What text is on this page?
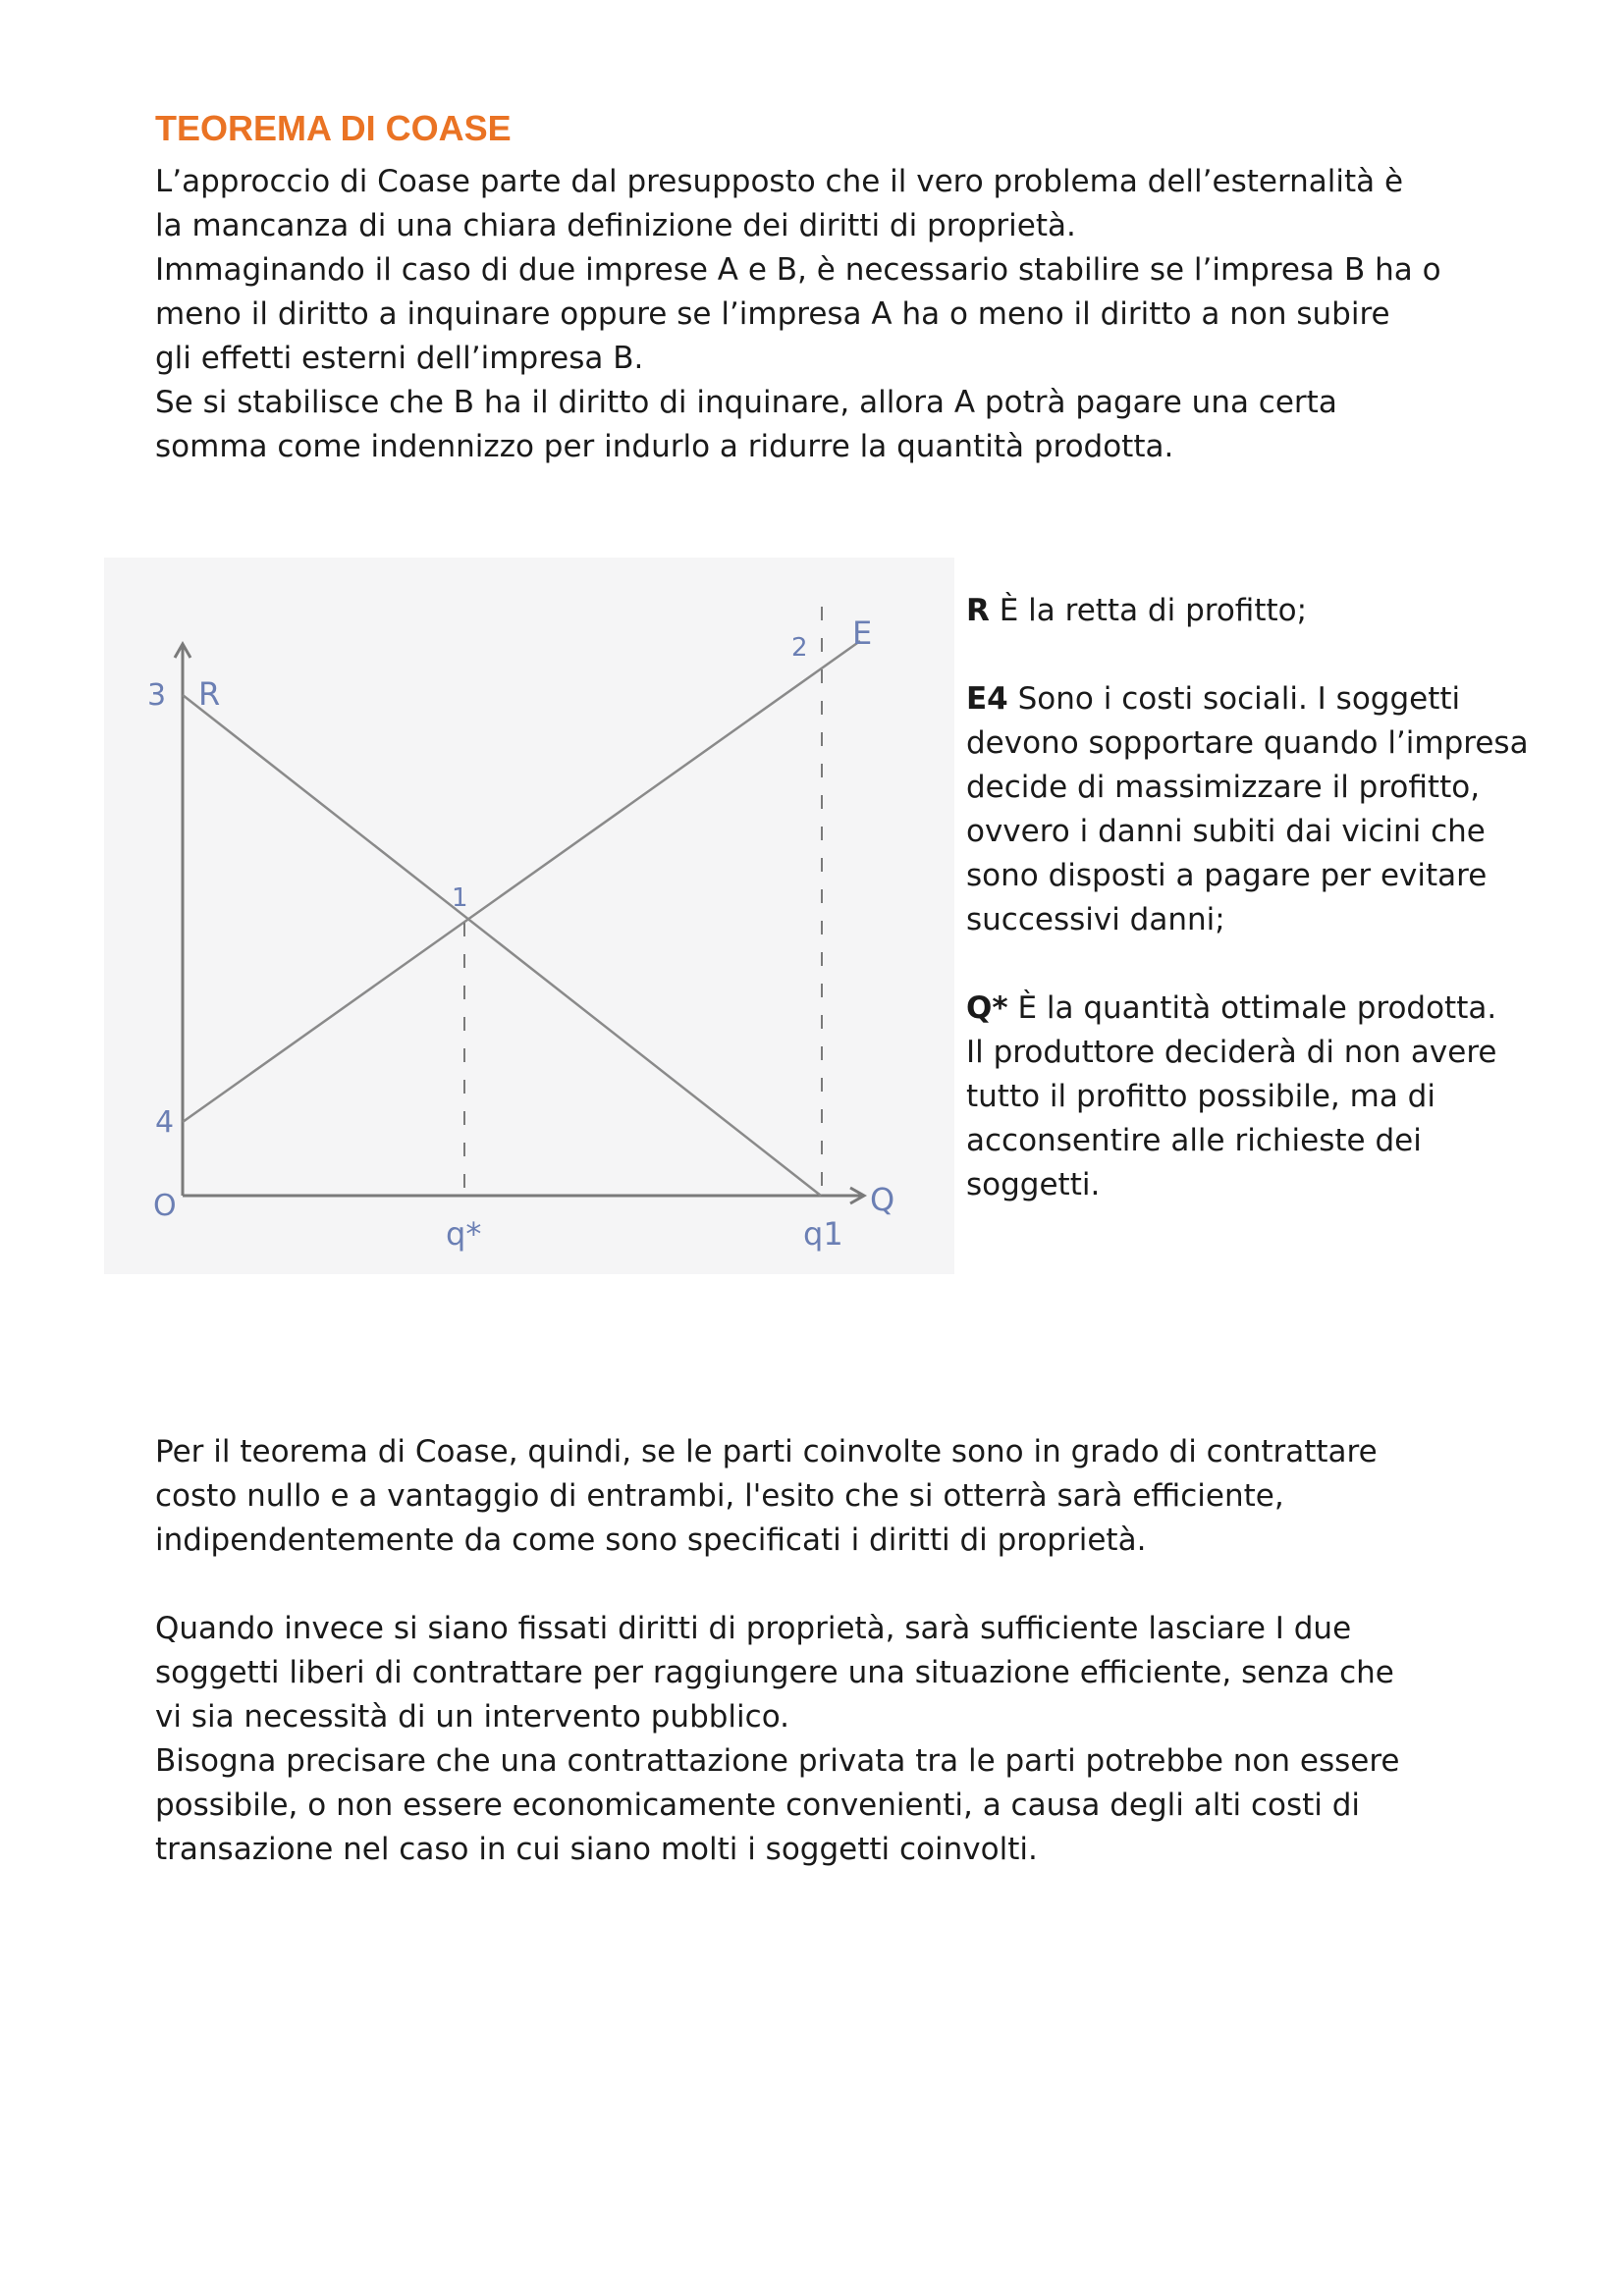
TEOREMA DI COASE

L’approccio di Coase parte dal presupposto che il vero problema dell’esternalità è
la mancanza di una chiara definizione dei diritti di proprietà.
Immaginando il caso di due imprese A e B, è necessario stabilire se l’impresa B ha o
meno il diritto a inquinare oppure se l’impresa A ha o meno il diritto a non subire
gli effetti esterni dell’impresa B.
Se si stabilisce che B ha il diritto di inquinare, allora A potrà pagare una certa
somma come indennizzo per indurlo a ridurre la quantità prodotta.

O
3
4
R
1
2 E
Q
q*	q1
R È la retta di profitto;
E4 Sono i costi sociali. I soggetti
devono sopportare quando l’impresa
decide di massimizzare il profitto,
ovvero i danni subiti dai vicini che
sono disposti a pagare per evitare
successivi danni;
Q* È la quantità ottimale prodotta.
Il produttore deciderà di non avere
tutto il profitto possibile, ma di
acconsentire alle richieste dei
soggetti.

Per il teorema di Coase, quindi, se le parti coinvolte sono in grado di contrattare
costo nullo e a vantaggio di entrambi, l'esito che si otterrà sarà efficiente,
indipendentemente da come sono specificati i diritti di proprietà.

Quando invece si siano fissati diritti di proprietà, sarà sufficiente lasciare I due
soggetti liberi di contrattare per raggiungere una situazione efficiente, senza che
vi sia necessità di un intervento pubblico.
Bisogna precisare che una contrattazione privata tra le parti potrebbe non essere
possibile, o non essere economicamente convenienti, a causa degli alti costi di
transazione nel caso in cui siano molti i soggetti coinvolti.
